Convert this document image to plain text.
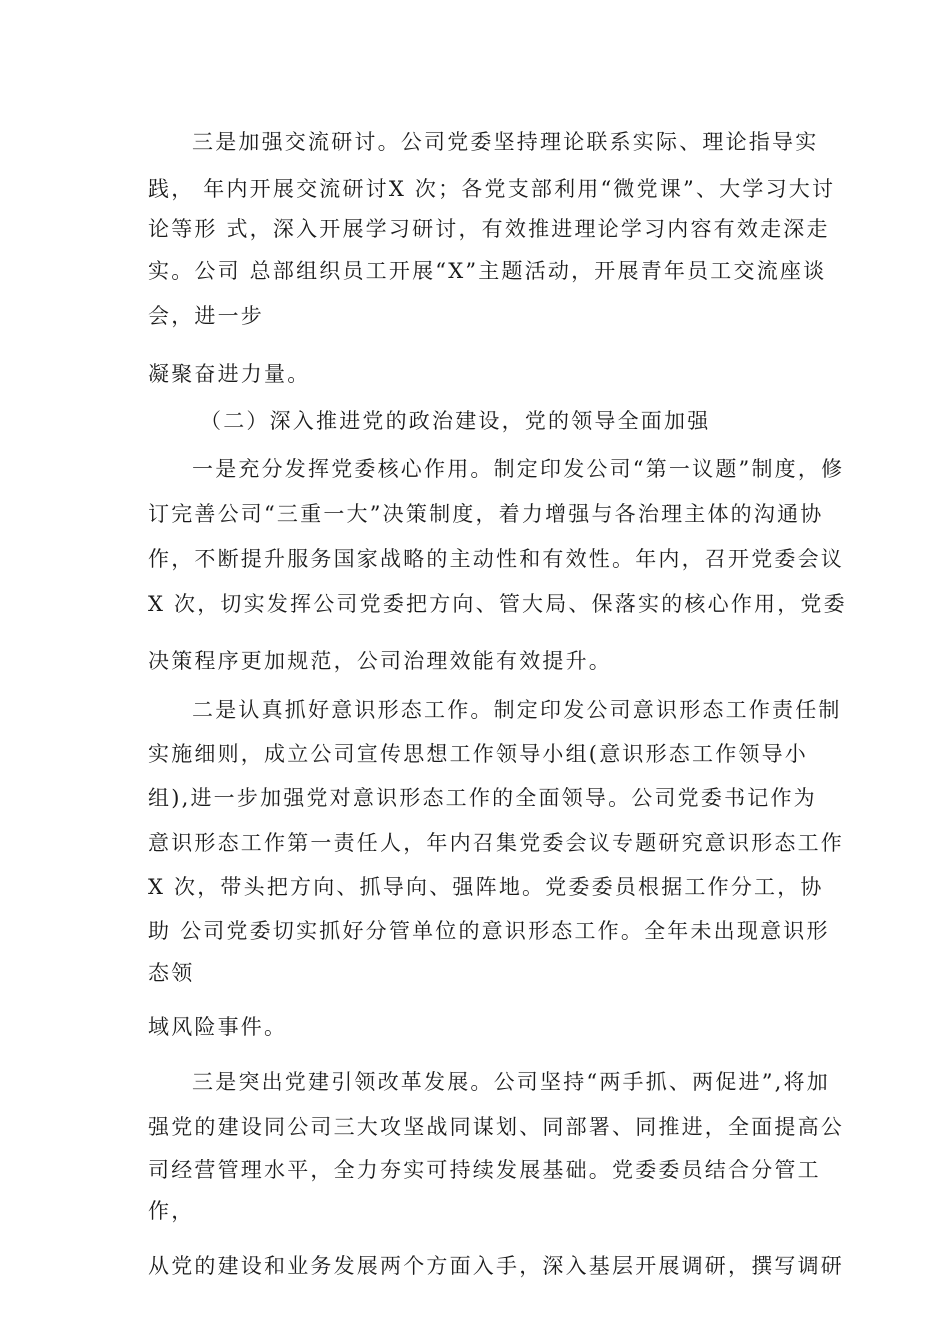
三是加强交流研讨。公司党委坚持理论联系实际、理论指导实
践， 年内开展交流研讨X 次；各党支部利用“微党课”、大学习大讨
论等形 式，深入开展学习研讨，有效推进理论学习内容有效走深走
实。公司 总部组织员工开展“X”主题活动，开展青年员工交流座谈
会，进一步
凝聚奋进力量。
（二）深入推进党的政治建设，党的领导全面加强
一是充分发挥党委核心作用。制定印发公司“第一议题”制度，修
订完善公司“三重一大”决策制度，着力增强与各治理主体的沟通协
作，不断提升服务国家战略的主动性和有效性。年内，召开党委会议
X 次，切实发挥公司党委把方向、管大局、保落实的核心作用，党委
决策程序更加规范，公司治理效能有效提升。
二是认真抓好意识形态工作。制定印发公司意识形态工作责任制
实施细则，成立公司宣传思想工作领导小组(意识形态工作领导小
组),进一步加强党对意识形态工作的全面领导。公司党委书记作为
意识形态工作第一责任人，年内召集党委会议专题研究意识形态工作
X 次，带头把方向、抓导向、强阵地。党委委员根据工作分工，协
助 公司党委切实抓好分管单位的意识形态工作。全年未出现意识形
态领
域风险事件。
三是突出党建引领改革发展。公司坚持“两手抓、两促进”,将加
强党的建设同公司三大攻坚战同谋划、同部署、同推进，全面提高公
司经营管理水平，全力夯实可持续发展基础。党委委员结合分管工
作，
从党的建设和业务发展两个方面入手，深入基层开展调研，撰写调研
